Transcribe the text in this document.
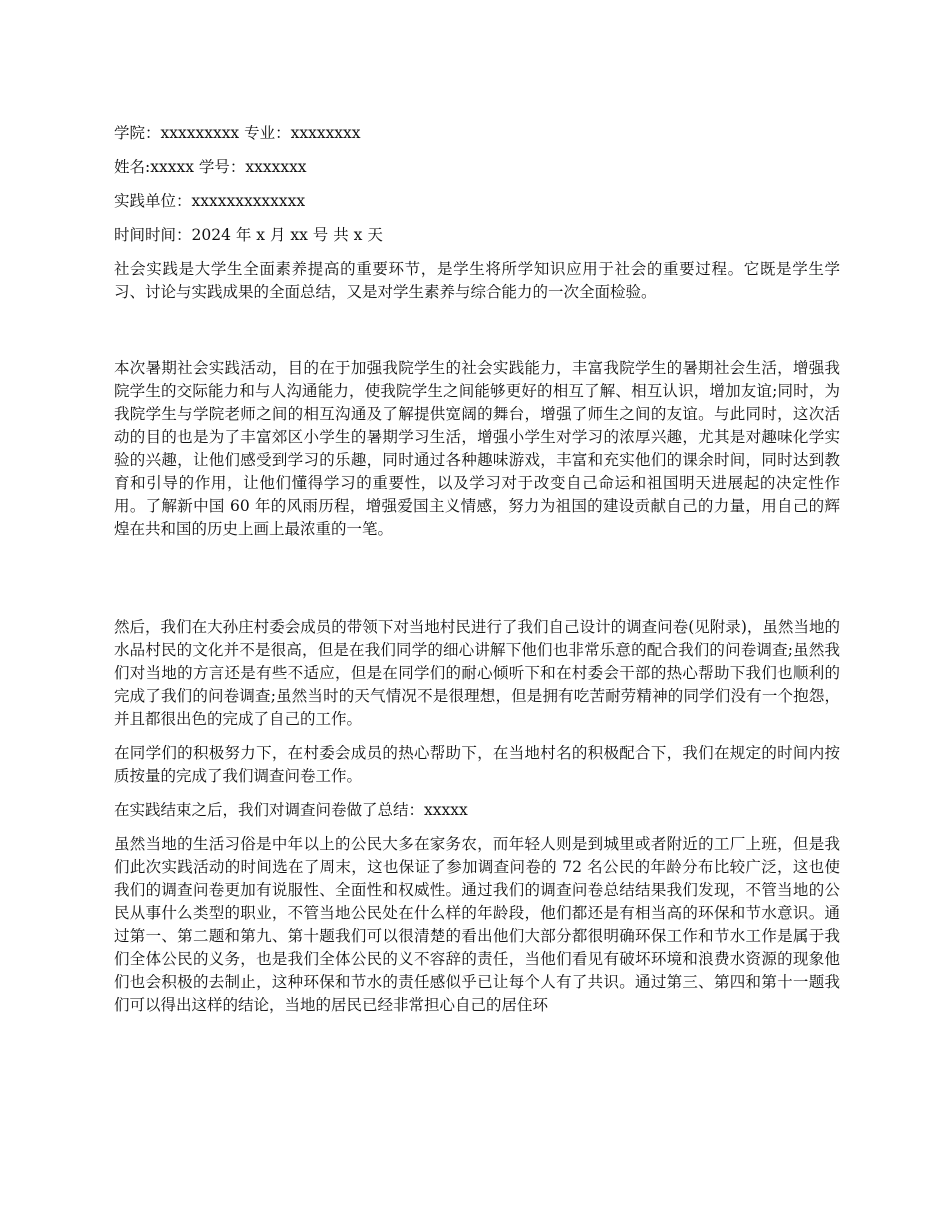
学院：xxxxxxxxx 专业：xxxxxxxx
姓名:xxxxx 学号：xxxxxxx
实践单位：xxxxxxxxxxxxx
时间时间：2024 年 x 月 xx 号 共 x 天

社会实践是大学生全面素养提高的重要环节，是学生将所学知识应用于社会的重要过程。它既是学生学习、讨论与实践成果的全面总结，又是对学生素养与综合能力的一次全面检验。

本次暑期社会实践活动，目的在于加强我院学生的社会实践能力，丰富我院学生的暑期社会生活，增强我院学生的交际能力和与人沟通能力，使我院学生之间能够更好的相互了解、相互认识，增加友谊;同时，为我院学生与学院老师之间的相互沟通及了解提供宽阔的舞台，增强了师生之间的友谊。与此同时，这次活动的目的也是为了丰富郊区小学生的暑期学习生活，增强小学生对学习的浓厚兴趣，尤其是对趣味化学实验的兴趣，让他们感受到学习的乐趣，同时通过各种趣味游戏，丰富和充实他们的课余时间，同时达到教育和引导的作用，让他们懂得学习的重要性，以及学习对于改变自己命运和祖国明天进展起的决定性作用。了解新中国 60 年的风雨历程，增强爱国主义情感，努力为祖国的建设贡献自己的力量，用自己的辉煌在共和国的历史上画上最浓重的一笔。

然后，我们在大孙庄村委会成员的带领下对当地村民进行了我们自己设计的调查问卷(见附录)，虽然当地的水品村民的文化并不是很高，但是在我们同学的细心讲解下他们也非常乐意的配合我们的问卷调查;虽然我们对当地的方言还是有些不适应，但是在同学们的耐心倾听下和在村委会干部的热心帮助下我们也顺利的完成了我们的问卷调查;虽然当时的天气情况不是很理想，但是拥有吃苦耐劳精神的同学们没有一个抱怨，并且都很出色的完成了自己的工作。

在同学们的积极努力下，在村委会成员的热心帮助下，在当地村名的积极配合下，我们在规定的时间内按质按量的完成了我们调查问卷工作。

在实践结束之后，我们对调查问卷做了总结：xxxxx

虽然当地的生活习俗是中年以上的公民大多在家务农，而年轻人则是到城里或者附近的工厂上班，但是我们此次实践活动的时间选在了周末，这也保证了参加调查问卷的 72 名公民的年龄分布比较广泛，这也使我们的调查问卷更加有说服性、全面性和权威性。通过我们的调查问卷总结结果我们发现，不管当地的公民从事什么类型的职业，不管当地公民处在什么样的年龄段，他们都还是有相当高的环保和节水意识。通过第一、第二题和第九、第十题我们可以很清楚的看出他们大部分都很明确环保工作和节水工作是属于我们全体公民的义务，也是我们全体公民的义不容辞的责任，当他们看见有破坏环境和浪费水资源的现象他们也会积极的去制止，这种环保和节水的责任感似乎已让每个人有了共识。通过第三、第四和第十一题我们可以得出这样的结论，当地的居民已经非常担心自己的居住环
